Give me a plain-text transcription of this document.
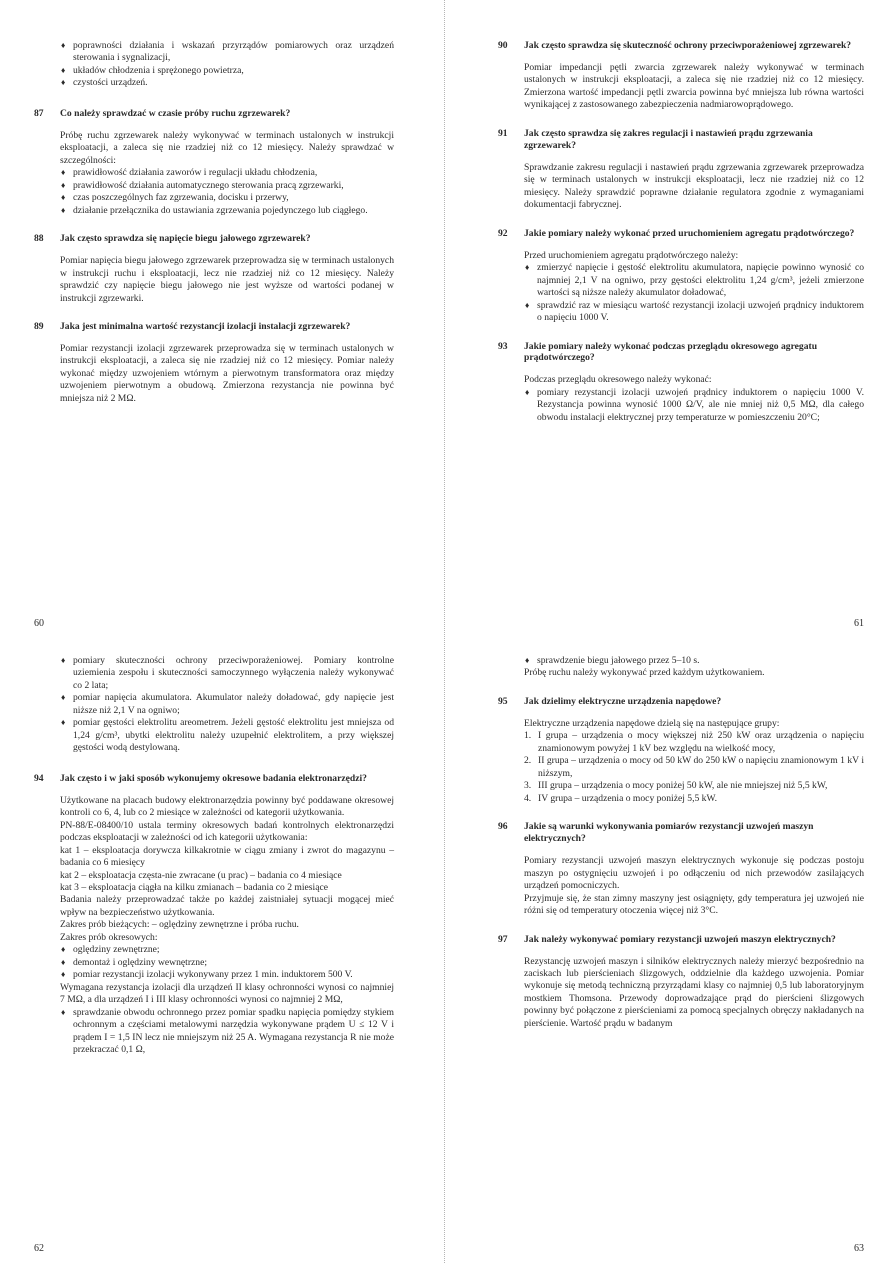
♦ poprawności działania i wskazań przyrządów pomiarowych oraz urządzeń sterowania i sygnalizacji,
♦ układów chłodzenia i sprężonego powietrza,
♦ czystości urządzeń.
87	Co należy sprawdzać w czasie próby ruchu zgrzewarek?

Próbę ruchu zgrzewarek należy wykonywać w terminach ustalonych w instrukcji eksploatacji, a zaleca się nie rzadziej niż co 12 miesięcy. Należy sprawdzać w szczególności:

♦ prawidłowość działania zaworów i regulacji układu chłodzenia,
♦ prawidłowość działania automatycznego sterowania pracą zgrzewarki,
♦ czas poszczególnych faz zgrzewania, docisku i przerwy,
♦ działanie przełącznika do ustawiania zgrzewania pojedynczego lub ciągłego.
88	Jak często sprawdza się napięcie biegu jałowego zgrzewarek?

Pomiar napięcia biegu jałowego zgrzewarek przeprowadza się w terminach ustalonych w instrukcji ruchu i eksploatacji, lecz nie rzadziej niż co 12 miesięcy. Należy sprawdzić czy napięcie biegu jałowego nie jest wyższe od wartości podanej w instrukcji zgrzewarki.

89	Jaka jest minimalna wartość rezystancji izolacji instalacji zgrzewarek?

Pomiar rezystancji izolacji zgrzewarek przeprowadza się w terminach ustalonych w instrukcji eksploatacji, a zaleca się nie rzadziej niż co 12 miesięcy. Pomiar należy wykonać między uzwojeniem wtórnym a pierwotnym transformatora oraz między uzwojeniem pierwotnym a obudową. Zmierzona rezystancja nie powinna być mniejsza niż 2 MΩ.

60
90	Jak często sprawdza się skuteczność ochrony przeciwporażeniowej zgrzewarek?

Pomiar impedancji pętli zwarcia zgrzewarek należy wykonywać w terminach ustalonych w instrukcji eksploatacji, a zaleca się nie rzadziej niż co 12 miesięcy. Zmierzona wartość impedancji pętli zwarcia powinna być mniejsza lub równa wartości wynikającej z zastosowanego zabezpieczenia nadmiarowoprądowego.

91	Jak często sprawdza się zakres regulacji i nastawień prądu zgrzewania zgrzewarek?

Sprawdzanie zakresu regulacji i nastawień prądu zgrzewania zgrzewarek przeprowadza się w terminach ustalonych w instrukcji eksploatacji, lecz nie rzadziej niż co 12 miesięcy. Należy sprawdzić poprawne działanie regulatora zgodnie z wymaganiami dokumentacji fabrycznej.

92	Jakie pomiary należy wykonać przed uruchomieniem agregatu prądotwórczego?

Przed uruchomieniem agregatu prądotwórczego należy:

♦ zmierzyć napięcie i gęstość elektrolitu akumulatora, napięcie powinno wynosić co najmniej 2,1 V na ogniwo, przy gęstości elektrolitu 1,24 g/cm³, jeżeli zmierzone wartości są niższe należy akumulator doładować,
♦ sprawdzić raz w miesiącu wartość rezystancji izolacji uzwojeń prądnicy induktorem o napięciu 1000 V.
93	Jakie pomiary należy wykonać podczas przeglądu okresowego agregatu prądotwórczego?

Podczas przeglądu okresowego należy wykonać:

♦ pomiary rezystancji izolacji uzwojeń prądnicy induktorem o napięciu 1000 V. Rezystancja powinna wynosić 1000 Ω/V, ale nie mniej niż 0,5 MΩ, dla całego obwodu instalacji elektrycznej przy temperaturze w pomieszczeniu 20°C;
61
♦ pomiary skuteczności ochrony przeciwporażeniowej. Pomiary kontrolne uziemienia zespołu i skuteczności samoczynnego wyłączenia należy wykonywać co 2 lata;
♦ pomiar napięcia akumulatora. Akumulator należy doładować, gdy napięcie jest niższe niż 2,1 V na ogniwo;
♦ pomiar gęstości elektrolitu areometrem. Jeżeli gęstość elektrolitu jest mniejsza od 1,24 g/cm³, ubytki elektrolitu należy uzupełnić elektrolitem, a przy większej gęstości wodą destylowaną.
94	Jak często i w jaki sposób wykonujemy okresowe badania elektronarzędzi?

Użytkowane na placach budowy elektronarzędzia powinny być poddawane okresowej kontroli co 6, 4, lub co 2 miesiące w zależności od kategorii użytkowania.

PN-88/E-08400/10 ustala terminy okresowych badań kontrolnych elektronarzędzi podczas eksploatacji w zależności od ich kategorii użytkowania:

kat 1 – eksploatacja dorywcza kilkakrotnie w ciągu zmiany i zwrot do magazynu – badania co 6 miesięcy

kat 2 – eksploatacja częsta-nie zwracane (u prac) – badania co 4 miesiące

kat 3 – eksploatacja ciągła na kilku zmianach – badania co 2 miesiące

Badania należy przeprowadzać także po każdej zaistniałej sytuacji mogącej mieć wpływ na bezpieczeństwo użytkowania.

Zakres prób bieżących: – oględziny zewnętrzne i próba ruchu.

Zakres prób okresowych:

♦ oględziny zewnętrzne;
♦ demontaż i oględziny wewnętrzne;
♦ pomiar rezystancji izolacji wykonywany przez 1 min. induktorem 500 V.

Wymagana rezystancja izolacji dla urządzeń II klasy ochronności wynosi co najmniej 7 MΩ, a dla urządzeń I i III klasy ochronności wynosi co najmniej 2 MΩ,

♦ sprawdzanie obwodu ochronnego przez pomiar spadku napięcia pomiędzy stykiem ochronnym a częściami metalowymi narzędzia wykonywane prądem U ≤ 12 V i prądem I = 1,5 IN lecz nie mniejszym niż 25 A. Wymagana rezystancja R nie może przekraczać 0,1 Ω,
62
♦ sprawdzenie biegu jałowego przez 5–10 s.

Próbę ruchu należy wykonywać przed każdym użytkowaniem.

95	Jak dzielimy elektryczne urządzenia napędowe?

Elektryczne urządzenia napędowe dzielą się na następujące grupy:

1. I grupa – urządzenia o mocy większej niż 250 kW oraz urządzenia o napięciu znamionowym powyżej 1 kV bez względu na wielkość mocy,
2. II grupa – urządzenia o mocy od 50 kW do 250 kW o napięciu znamionowym 1 kV i niższym,
3. III grupa – urządzenia o mocy poniżej 50 kW, ale nie mniejszej niż 5,5 kW,
4. IV grupa – urządzenia o mocy poniżej 5,5 kW.
96	Jakie są warunki wykonywania pomiarów rezystancji uzwojeń maszyn elektrycznych?

Pomiary rezystancji uzwojeń maszyn elektrycznych wykonuje się podczas postoju maszyn po ostygnięciu uzwojeń i po odłączeniu od nich przewodów zasilających urządzeń pomocniczych.

Przyjmuje się, że stan zimny maszyny jest osiągnięty, gdy temperatura jej uzwojeń nie różni się od temperatury otoczenia więcej niż 3°C.

97	Jak należy wykonywać pomiary rezystancji uzwojeń maszyn elektrycznych?

Rezystancję uzwojeń maszyn i silników elektrycznych należy mierzyć bezpośrednio na zaciskach lub pierścieniach ślizgowych, oddzielnie dla każdego uzwojenia. Pomiar wykonuje się metodą techniczną przyrządami klasy co najmniej 0,5 lub laboratoryjnym mostkiem Thomsona. Przewody doprowadzające prąd do pierścieni ślizgowych powinny być połączone z pierścieniami za pomocą specjalnych obręczy nakładanych na pierścienie. Wartość prądu w badanym

63
